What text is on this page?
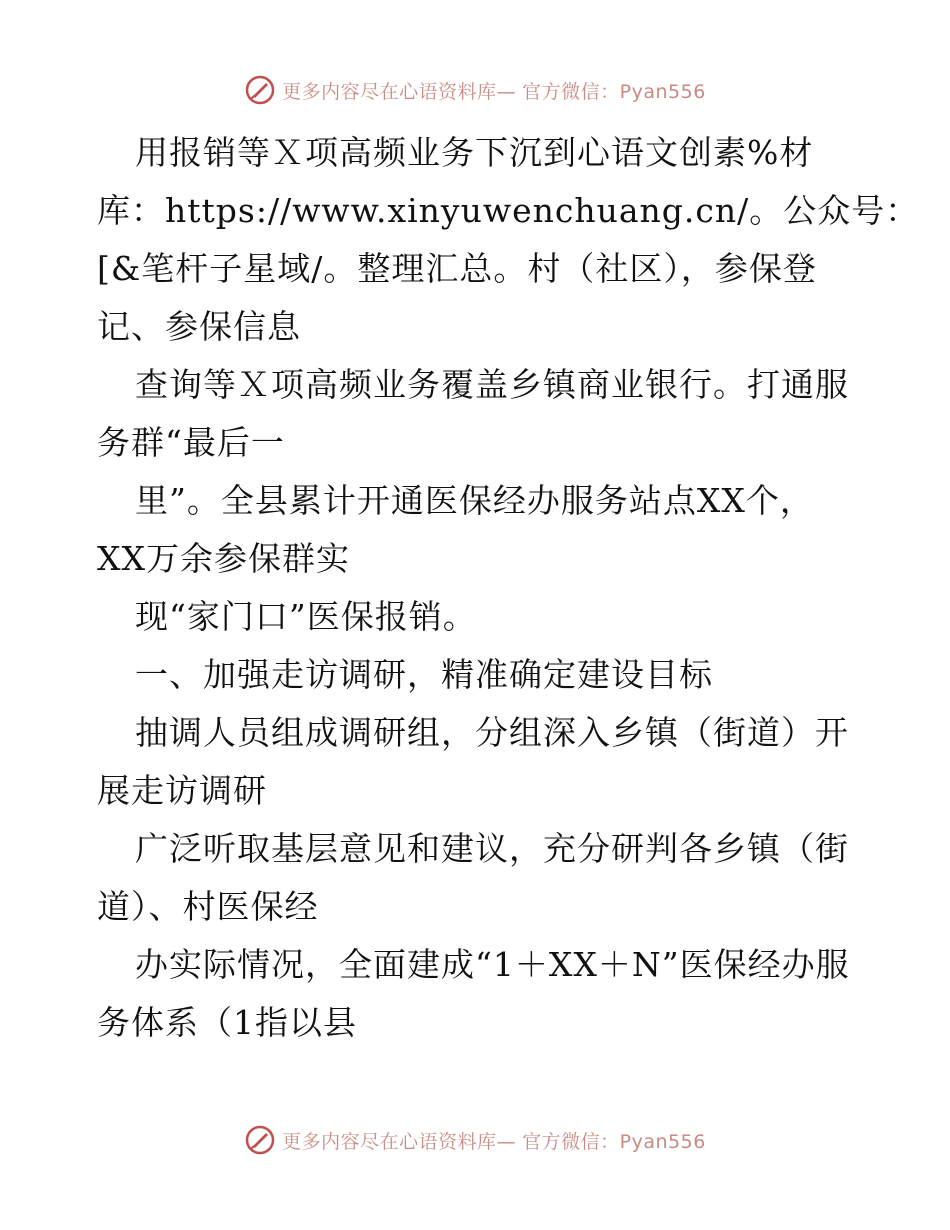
更多内容尽在心语资料库— 官方微信：Pyan556
用报销等Ｘ项高频业务下沉到心语文创素%材
库：https://www.xinyuwenchuang.cn/。公众号：
[&笔杆子星域/。整理汇总。村（社区），参保登
记、参保信息
查询等Ｘ项高频业务覆盖乡镇商业银行。打通服
务群“最后一
里”。全县累计开通医保经办服务站点XX个，
XX万余参保群实
现“家门口”医保报销。
一、加强走访调研，精准确定建设目标
抽调人员组成调研组，分组深入乡镇（街道）开
展走访调研
广泛听取基层意见和建议，充分研判各乡镇（街
道）、村医保经
办实际情况，全面建成“1＋XX＋N”医保经办服
务体系（1指以县
更多内容尽在心语资料库— 官方微信：Pyan556
